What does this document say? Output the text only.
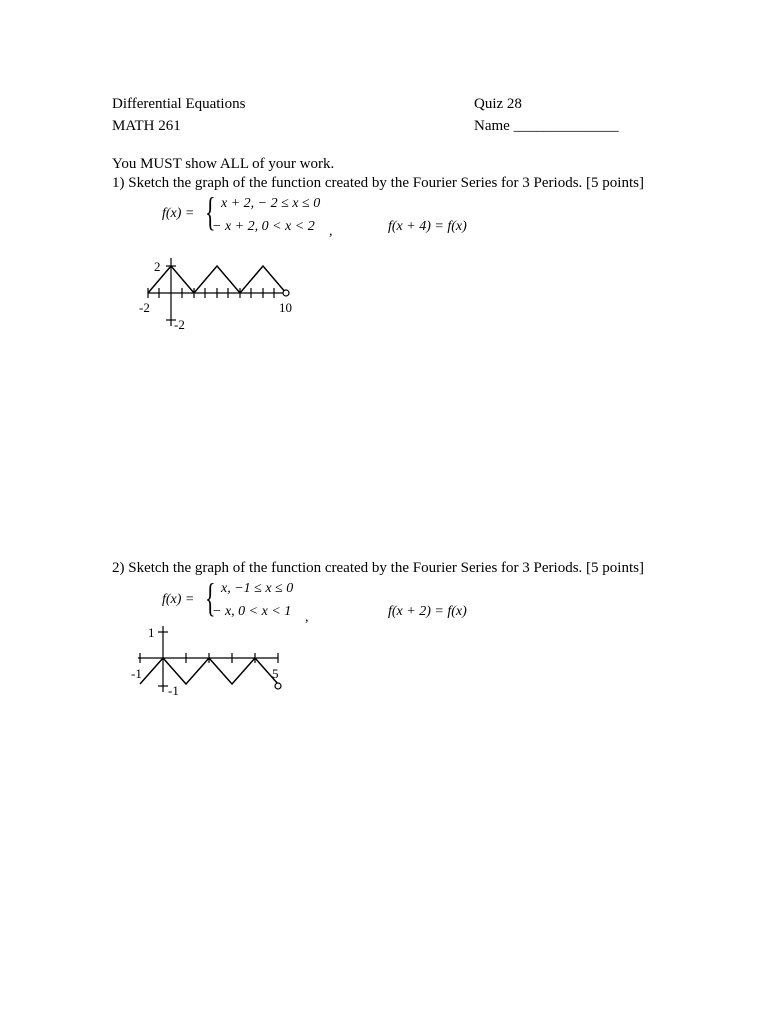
Differential Equations
MATH 261
Quiz 28
Name ______________
You MUST show ALL of your work.
1) Sketch the graph of the function created by the Fourier Series for 3 Periods. [5 points]
f(x) = { x + 2, − 2 ≤ x ≤ 0
− x + 2, 0 < x < 2 ,	f(x + 4) = f(x)
2
-2
-2	10
2) Sketch the graph of the function created by the Fourier Series for 3 Periods. [5 points]
f(x) = { x, −1 ≤ x ≤ 0
− x, 0 < x < 1 ,	f(x + 2) = f(x)
1
-1
-1	5
